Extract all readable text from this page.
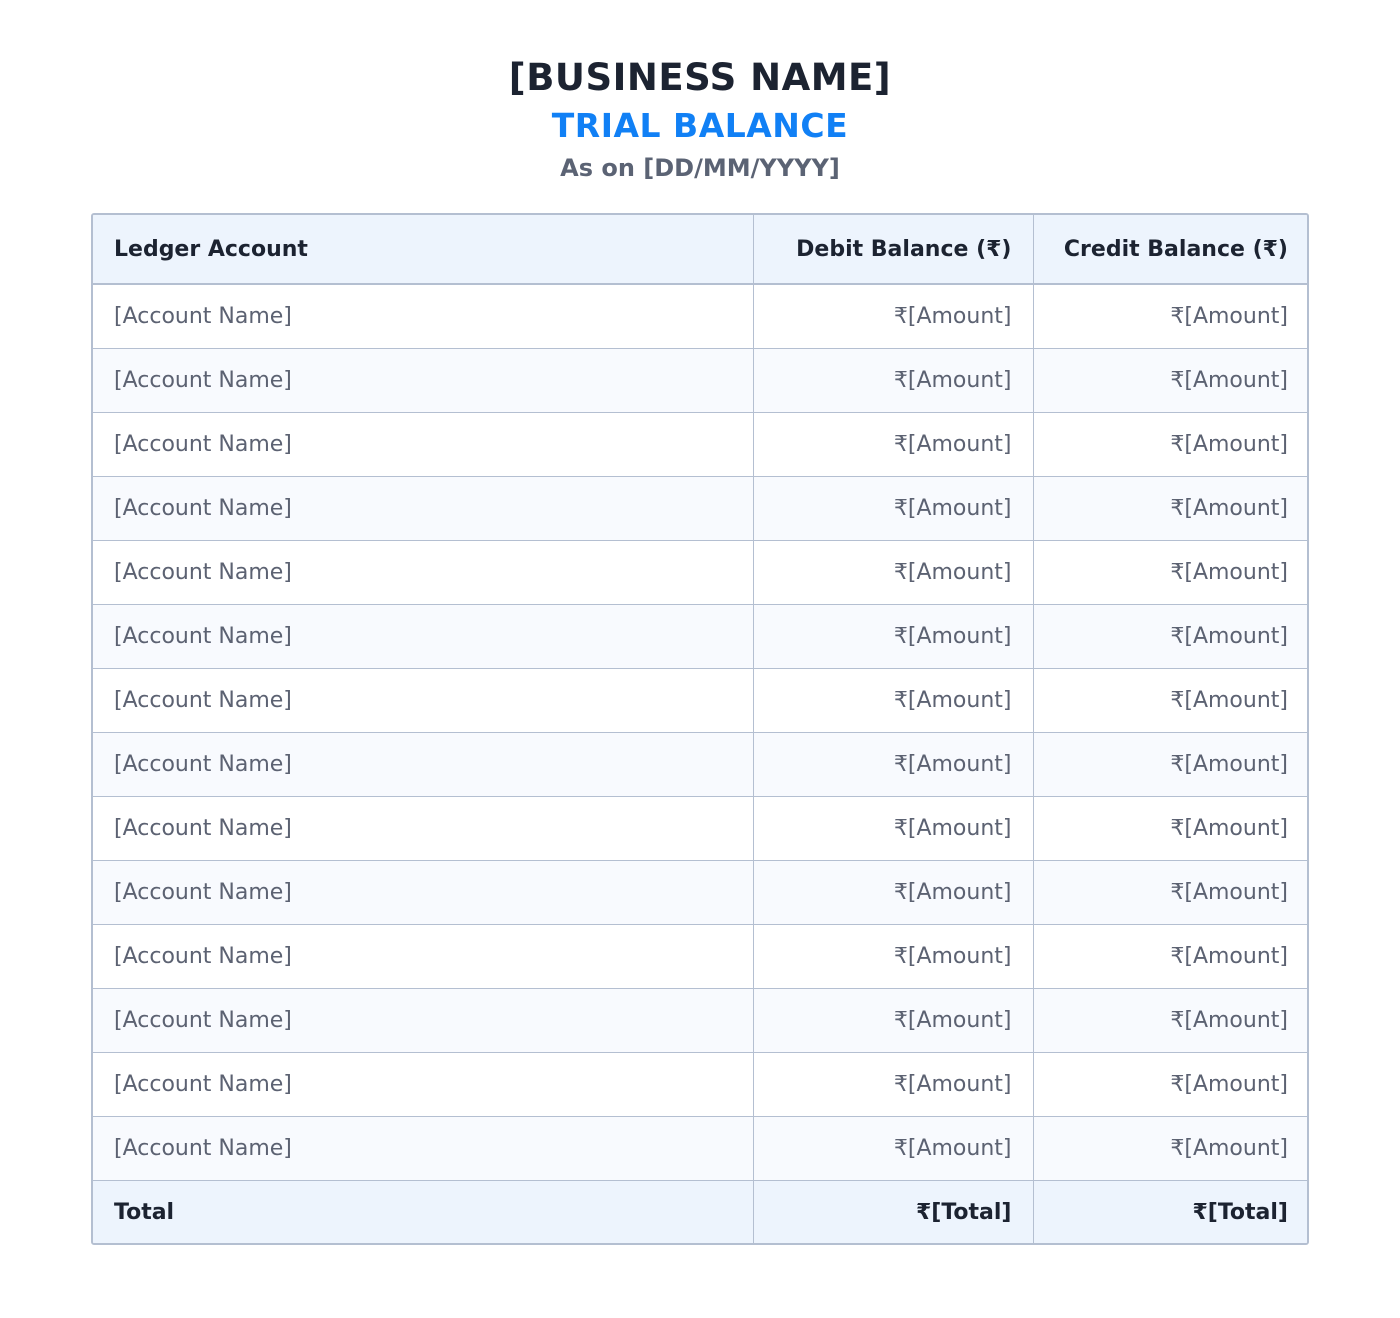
[BUSINESS NAME]
TRIAL BALANCE
As on [DD/MM/YYYY]
Ledger Account	Debit Balance (₹)	Credit Balance (₹)
[Account Name]	₹[Amount]	₹[Amount]
[Account Name]	₹[Amount]	₹[Amount]
[Account Name]	₹[Amount]	₹[Amount]
[Account Name]	₹[Amount]	₹[Amount]
[Account Name]	₹[Amount]	₹[Amount]
[Account Name]	₹[Amount]	₹[Amount]
[Account Name]	₹[Amount]	₹[Amount]
[Account Name]	₹[Amount]	₹[Amount]
[Account Name]	₹[Amount]	₹[Amount]
[Account Name]	₹[Amount]	₹[Amount]
[Account Name]	₹[Amount]	₹[Amount]
[Account Name]	₹[Amount]	₹[Amount]
[Account Name]	₹[Amount]	₹[Amount]
[Account Name]	₹[Amount]	₹[Amount]
Total	₹[Total]	₹[Total]
